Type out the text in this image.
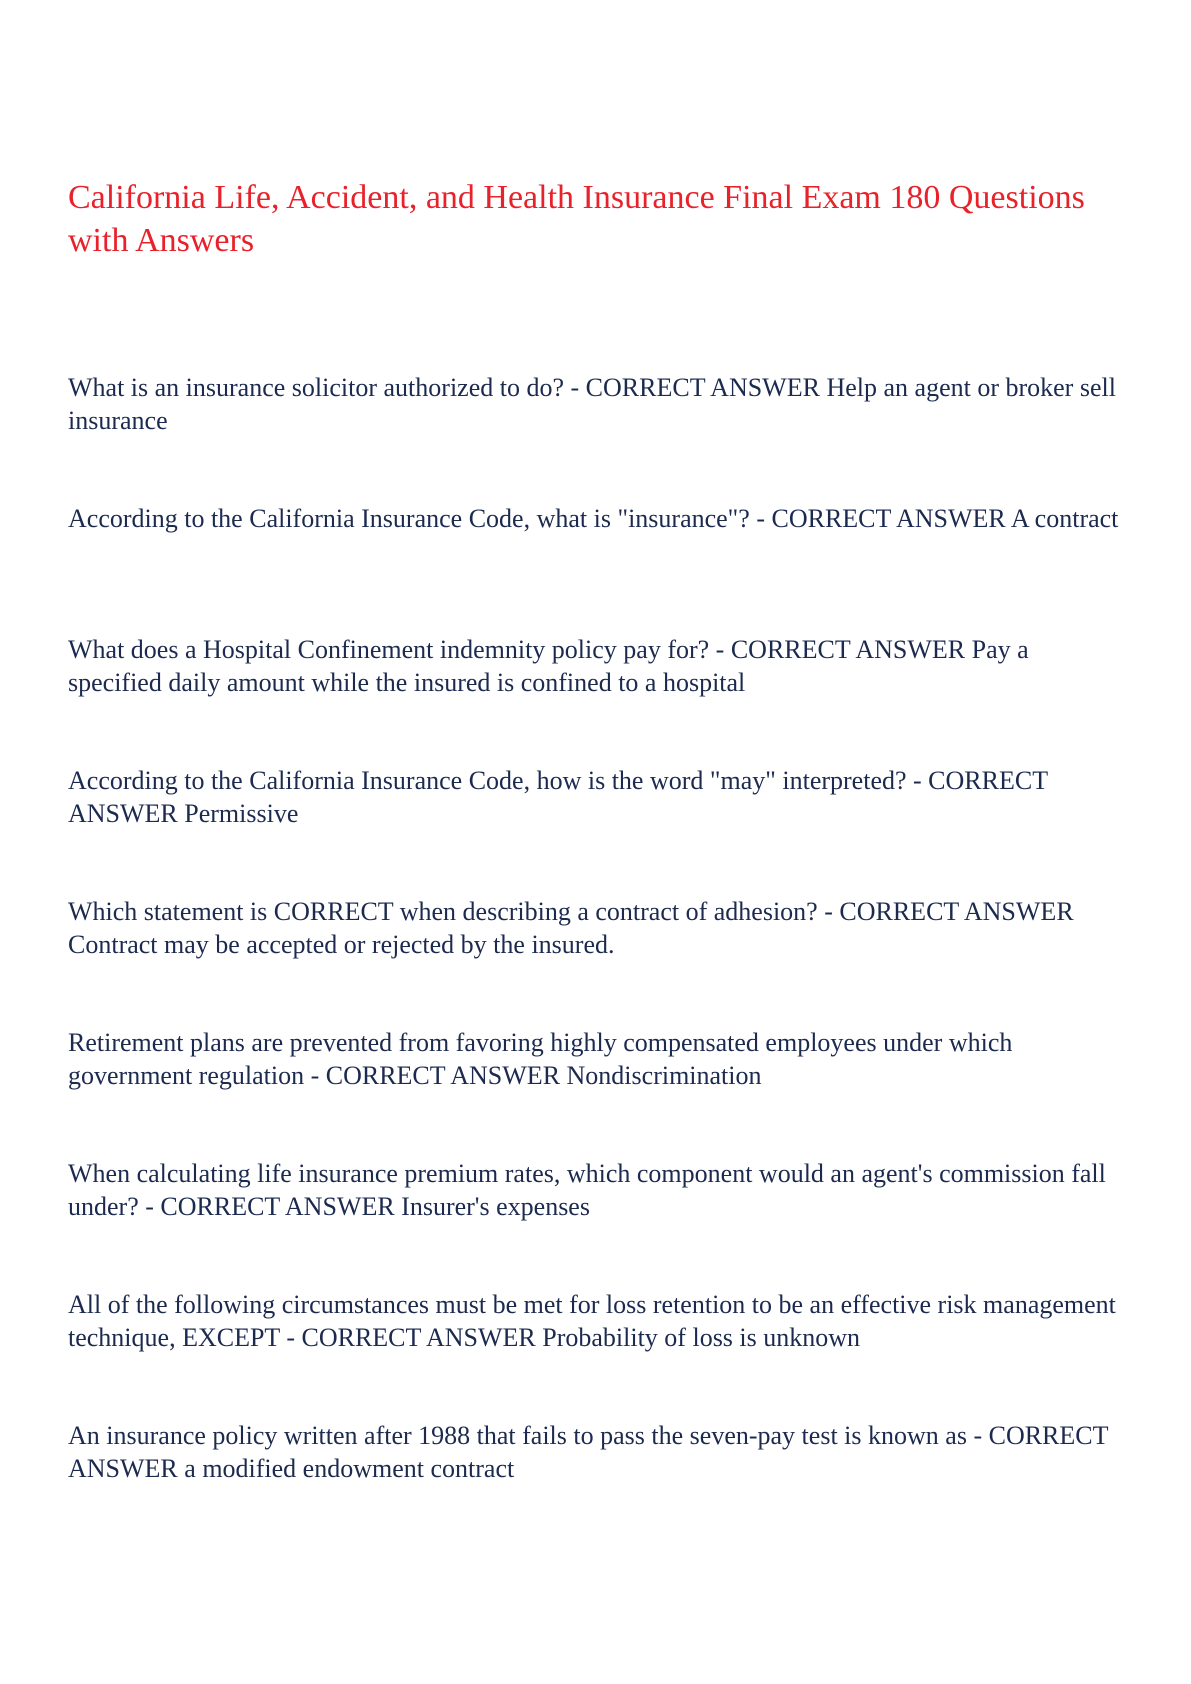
California Life, Accident, and Health Insurance Final Exam 180 Questions with Answers

What is an insurance solicitor authorized to do? - CORRECT ANSWER Help an agent or broker sell insurance

According to the California Insurance Code, what is "insurance"? - CORRECT ANSWER A contract

What does a Hospital Confinement indemnity policy pay for? - CORRECT ANSWER Pay a specified daily amount while the insured is confined to a hospital

According to the California Insurance Code, how is the word "may" interpreted? - CORRECT ANSWER Permissive

Which statement is CORRECT when describing a contract of adhesion? - CORRECT ANSWER Contract may be accepted or rejected by the insured.

Retirement plans are prevented from favoring highly compensated employees under which government regulation - CORRECT ANSWER Nondiscrimination

When calculating life insurance premium rates, which component would an agent's commission fall under? - CORRECT ANSWER Insurer's expenses

All of the following circumstances must be met for loss retention to be an effective risk management technique, EXCEPT - CORRECT ANSWER Probability of loss is unknown

An insurance policy written after 1988 that fails to pass the seven-pay test is known as - CORRECT ANSWER a modified endowment contract
